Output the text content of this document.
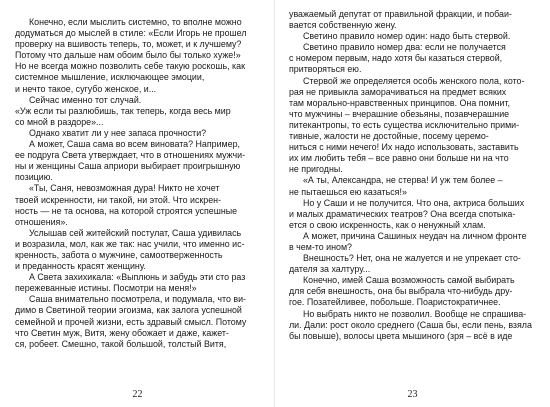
Конечно, если мыслить системно, то вполне можно
додуматься до мыслей в стиле: «Если Игорь не прошел
проверку на вшивость теперь, то, может, и к лучшему?
Потому что дальше нам обоим было бы только хуже!»
Но не всегда можно позволить себе такую роскошь, как
системное мышление, исключающее эмоции,
и нечто такое, сугубо женское, и...
Сейчас именно тот случай.
«Уж если ты разлюбишь, так теперь, когда весь мир
со мной в раздоре»...
Однако хватит ли у нее запаса прочности?
А может, Саша сама во всем виновата? Например,
ее подруга Света утверждает, что в отношениях мужчи-
ны и женщины Саша априори выбирает проигрышную
позицию.
«Ты, Саня, невозможная дура! Никто не хочет
твоей искренности, ни такой, ни этой. Что искрен-
ность — не та основа, на которой строятся успешные
отношения».
Услышав сей житейский постулат, Саша удивилась
и возразила, мол, как же так: нас учили, что именно ис-
кренность, забота о мужчине, самоотверженность
и преданность красят женщину.
А Света захихикала: «Выплюнь и забудь эти сто раз
пережеванные истины. Посмотри на меня!»
Саша внимательно посмотрела, и подумала, что ви-
димо в Светиной теории эгоизма, как залога успешной
семейной и прочей жизни, есть здравый смысл. Потому
что Светин муж, Витя, жену обожает и даже, кажет-
ся, робеет. Смешно, такой большой, толстый Витя,
22
уважаемый депутат от правильной фракции, и побаи-
вается собственную жену.
Светино правило номер один: надо быть стервой.
Светино правило номер два: если не получается
с номером первым, надо хотя бы казаться стервой,
притворяться ею.
Стервой же определяется особь женского пола, кото-
рая не привыкла заморачиваться на предмет всяких
там морально-нравственных принципов. Она помнит,
что мужчины – вчерашние обезьяны, позавчерашние
питекантропы, то есть существа исключительно прими-
тивные, жалости не достойные, посему церемо-
ниться с ними нечего! Их надо использовать, заставить
их им любить тебя – все равно они больше ни на что
не пригодны.
«А ты, Александра, не стерва! И уж тем более –
не пытаешься ею казаться!»
Но у Саши и не получится. Что она, актриса больших
и малых драматических театров? Она всегда спотыка-
ется о свою искренность, как о ненужный хлам.
А может, причина Сашиных неудач на личном фронте
в чем-то ином?
Внешность? Нет, она не жалуется и не упрекает сто-
дателя за халтуру...
Конечно, имей Саша возможность самой выбирать
для себя внешность, она бы выбрала что-нибудь дру-
гое. Позатейливее, побольше. Поаристократичнее.
Но выбрать никто не позволил. Вообще не спрашива-
ли. Дали: рост около среднего (Саша бы, если пень, взяла
бы повыше), волосы цвета мышиного (зря – всё в иде
23
